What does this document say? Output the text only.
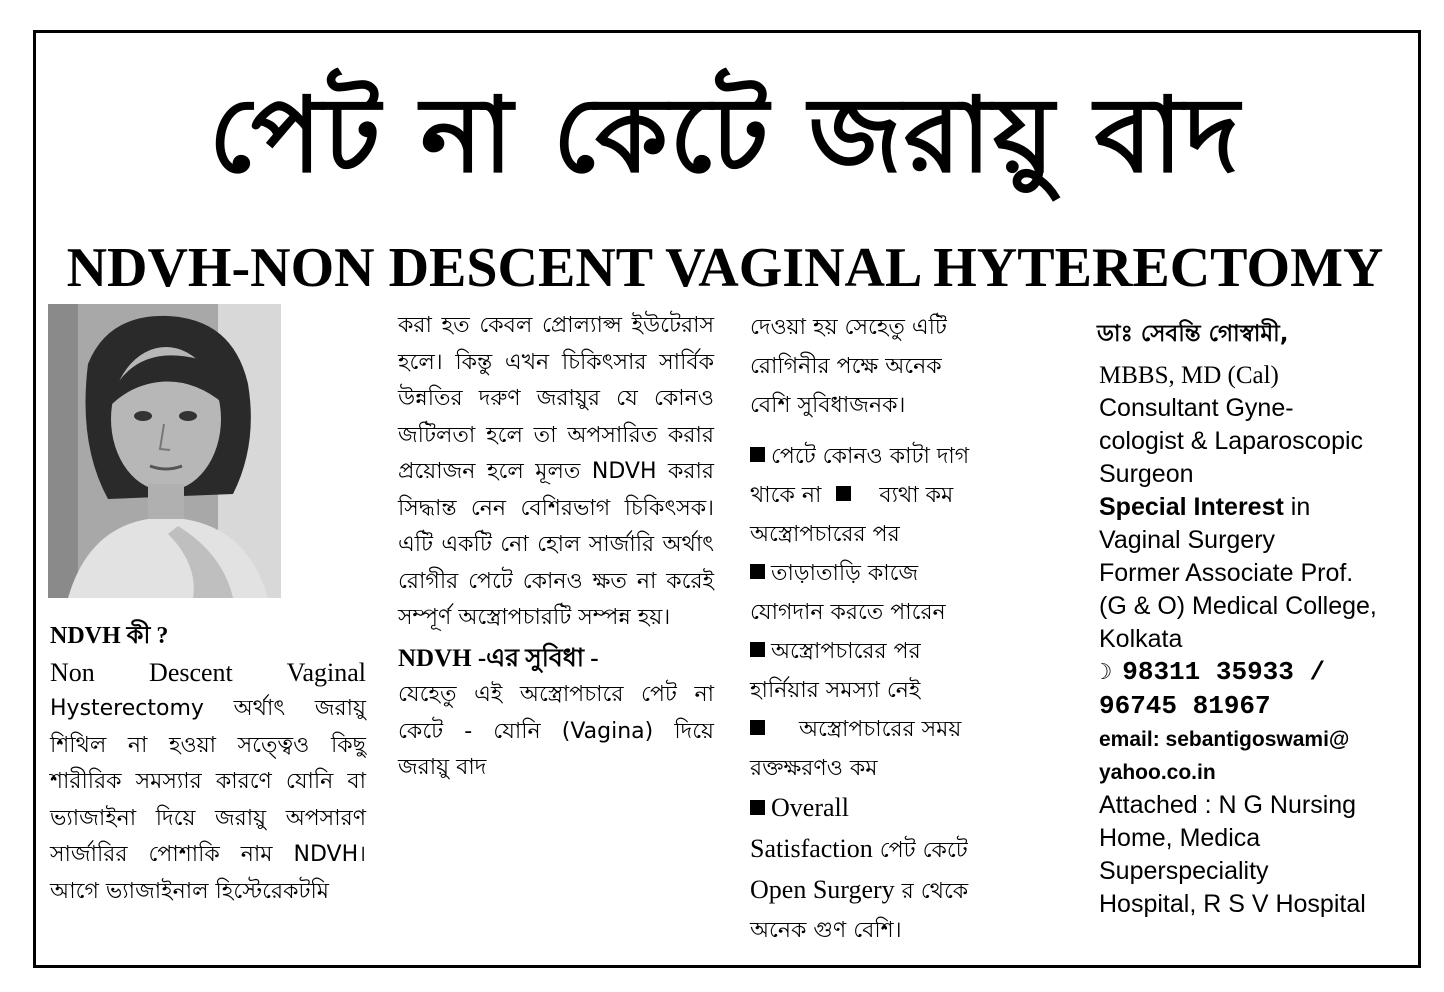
পেট না কেটে জরায়ু বাদ
NDVH-NON DESCENT VAGINAL HYTERECTOMY

NDVH কী ?

Non Descent Vaginal

Hysterectomy অর্থাৎ জরায়ু শিথিল না হওয়া সত্ত্বেও কিছু শারীরিক সমস্যার কারণে যোনি বা ভ্যাজাইনা দিয়ে জরায়ু অপসারণ সার্জারির পোশাকি নাম NDVH। আগে ভ্যাজাইনাল হিস্টেরেকটমি

করা হত কেবল প্রোল্যাপ্স ইউটেরাস হলে। কিন্তু এখন চিকিৎসার সার্বিক উন্নতির দরুণ জরায়ুর যে কোনও জটিলতা হলে তা অপসারিত করার প্রয়োজন হলে মূলত NDVH করার সিদ্ধান্ত নেন বেশিরভাগ চিকিৎসক। এটি একটি নো হোল সার্জারি অর্থাৎ রোগীর পেটে কোনও ক্ষত না করেই সম্পূর্ণ অস্ত্রোপচারটি সম্পন্ন হয়।

NDVH -এর সুবিধা -

যেহেতু এই অস্ত্রোপচারে পেট না কেটে - যোনি (Vagina) দিয়ে জরায়ু বাদ

দেওয়া হয় সেহেতু এটি

রোগিনীর পক্ষে অনেক

বেশি সুবিধাজনক।

পেটে কোনও কাটা দাগ

থাকে না	ব্যথা কম

অস্ত্রোপচারের পর

তাড়াতাড়ি কাজে

যোগদান করতে পারেন

অস্ত্রোপচারের পর

হার্নিয়ার সমস্যা নেই

অস্ত্রোপচারের সময়

রক্তক্ষরণও কম

Overall

Satisfaction পেট কেটে

Open Surgery র থেকে

অনেক গুণ বেশি।

ডাঃ সেবন্তি গোস্বামী,

MBBS, MD (Cal)

Consultant Gyne-

cologist & Laparoscopic

Surgeon

Special Interest in

Vaginal Surgery

Former Associate Prof.

(G & O) Medical College,

Kolkata

☽ 98311 35933 /

96745 81967

email: sebantigoswami@

yahoo.co.in

Attached : N G Nursing

Home, Medica

Superspeciality

Hospital, R S V Hospital
